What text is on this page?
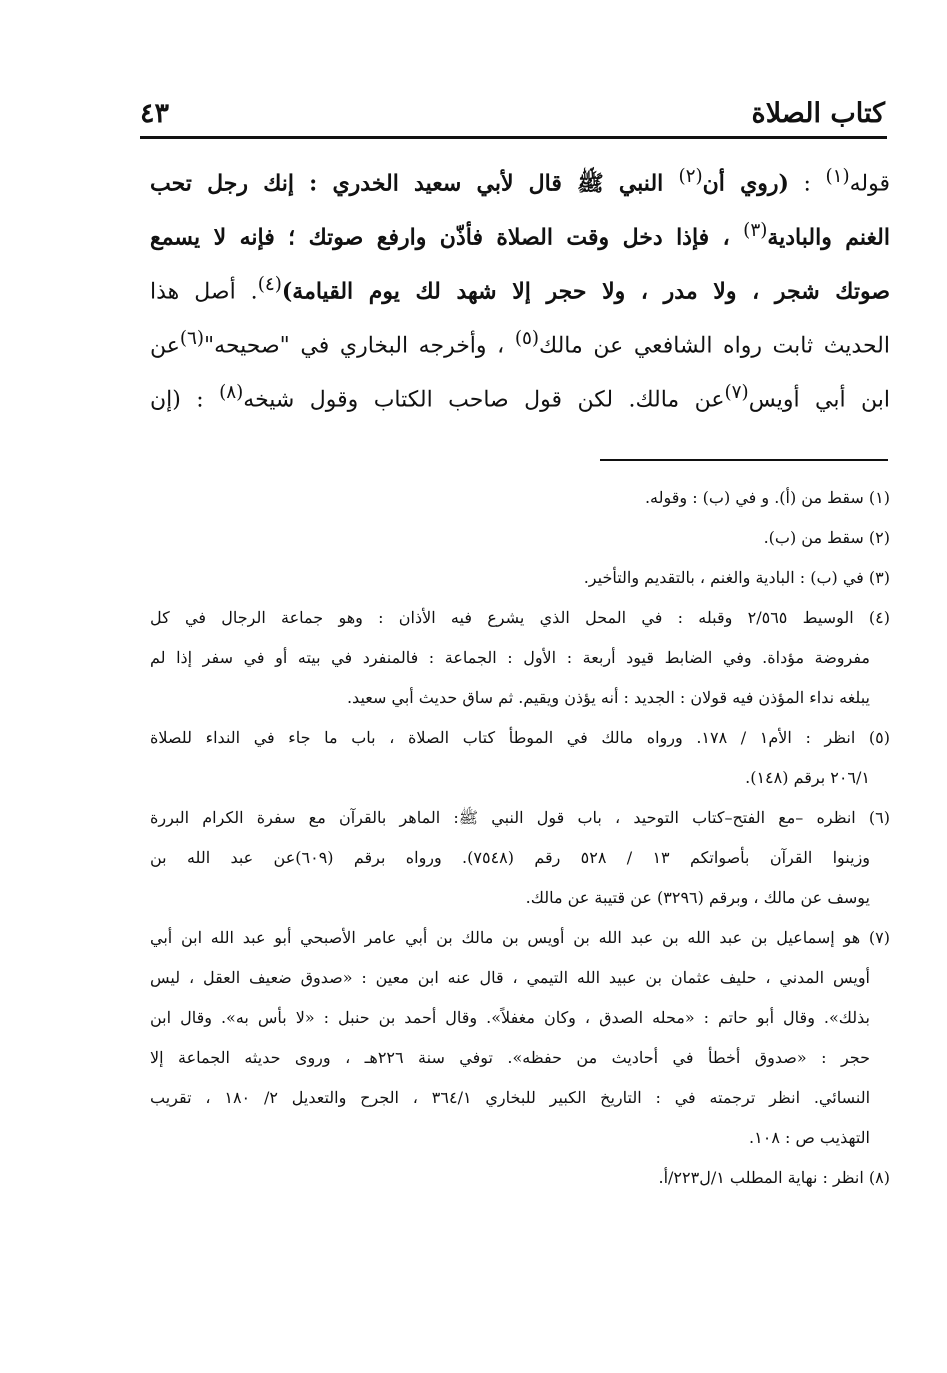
كتاب الصلاة
٤٣
قوله$^{(١)}$ : (روي أن$^{(٢)}$ النبي ﷺ قال لأبي سعيد الخدري : إنك رجل تحب
الغنم والبادية$^{(٣)}$ ، فإذا دخل وقت الصلاة فأذّن وارفع صوتك ؛ فإنه لا يسمع
صوتك شجر ، ولا مدر ، ولا حجر إلا شهد لك يوم القيامة)$^{(٤)}$. أصل هذا
الحديث ثابت رواه الشافعي عن مالك$^{(٥)}$ ، وأخرجه البخاري في "صحيحه"$^{(٦)}$عن
ابن أبي أويس$^{(٧)}$عن مالك. لكن قول صاحب الكتاب وقول شيخه$^{(٨)}$ : (إن
(١) سقط من (أ). و في (ب) : وقوله.
(٢) سقط من (ب).
(٣) في (ب) : البادية والغنم ، بالتقديم والتأخير.
(٤) الوسيط ٢/٥٦٥ وقبله : في المحل الذي يشرع فيه الأذان : وهو جماعة الرجال في كل
مفروضة مؤداة. وفي الضابط قيود أربعة : الأول : الجماعة : فالمنفرد في بيته أو في سفر إذا لم
يبلغه نداء المؤذن فيه قولان : الجديد : أنه يؤذن ويقيم. ثم ساق حديث أبي سعيد.
(٥) انظر : الأم١ / ١٧٨. ورواه مالك في الموطأ كتاب الصلاة ، باب ما جاء في النداء للصلاة
٢٠٦/١ برقم (١٤٨).
(٦) انظره –مع الفتح–كتاب التوحيد ، باب قول النبي ﷺ: الماهر بالقرآن مع سفرة الكرام البررة
وزينوا القرآن بأصواتكم ١٣ / ٥٢٨ رقم (٧٥٤٨). ورواه برقم (٦٠٩)عن عبد الله بن
يوسف عن مالك ، وبرقم (٣٢٩٦) عن قتيبة عن مالك.
(٧) هو إسماعيل بن عبد الله بن عبد الله بن أويس بن مالك بن أبي عامر الأصبحي أبو عبد الله ابن أبي
أويس المدني ، حليف عثمان بن عبيد الله التيمي ، قال عنه ابن معين : «صدوق ضعيف العقل ، ليس
بذلك». وقال أبو حاتم : «محله الصدق ، وكان مغفلاً». وقال أحمد بن حنبل : «لا بأس به». وقال ابن
حجر : «صدوق أخطأ في أحاديث من حفظه». توفي سنة ٢٢٦هـ ، وروى حديثه الجماعة إلا
النسائي. انظر ترجمته في : التاريخ الكبير للبخاري ٣٦٤/١ ، الجرح والتعديل ٢/ ١٨٠ ، تقريب
التهذيب ص : ١٠٨.
(٨) انظر : نهاية المطلب ١/ل٢٢٣/أ.
